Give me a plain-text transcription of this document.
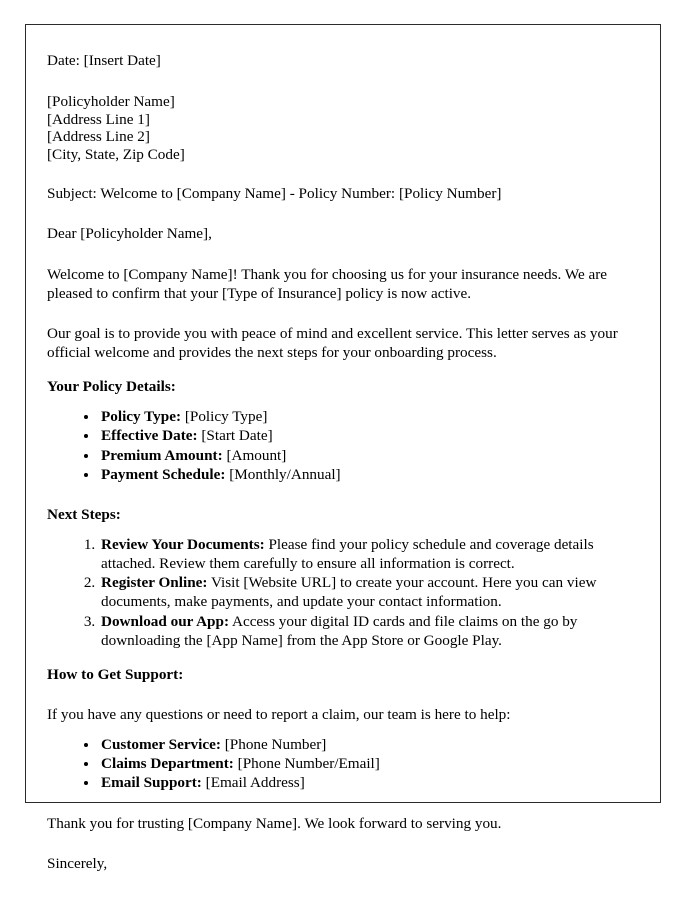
Date: [Insert Date]

[Policyholder Name]

[Address Line 1]

[Address Line 2]

[City, State, Zip Code]

Subject: Welcome to [Company Name] - Policy Number: [Policy Number]

Dear [Policyholder Name],

Welcome to [Company Name]! Thank you for choosing us for your insurance needs. We are pleased to confirm that your [Type of Insurance] policy is now active.

Our goal is to provide you with peace of mind and excellent service. This letter serves as your official welcome and provides the next steps for your onboarding process.

Your Policy Details:

• Policy Type: [Policy Type]
• Effective Date: [Start Date]
• Premium Amount: [Amount]
• Payment Schedule: [Monthly/Annual]

Next Steps:

1. Review Your Documents: Please find your policy schedule and coverage details attached. Review them carefully to ensure all information is correct.
2. Register Online: Visit [Website URL] to create your account. Here you can view documents, make payments, and update your contact information.
3. Download our App: Access your digital ID cards and file claims on the go by downloading the [App Name] from the App Store or Google Play.

How to Get Support:

If you have any questions or need to report a claim, our team is here to help:

• Customer Service: [Phone Number]
• Claims Department: [Phone Number/Email]
• Email Support: [Email Address]

Thank you for trusting [Company Name]. We look forward to serving you.

Sincerely,
